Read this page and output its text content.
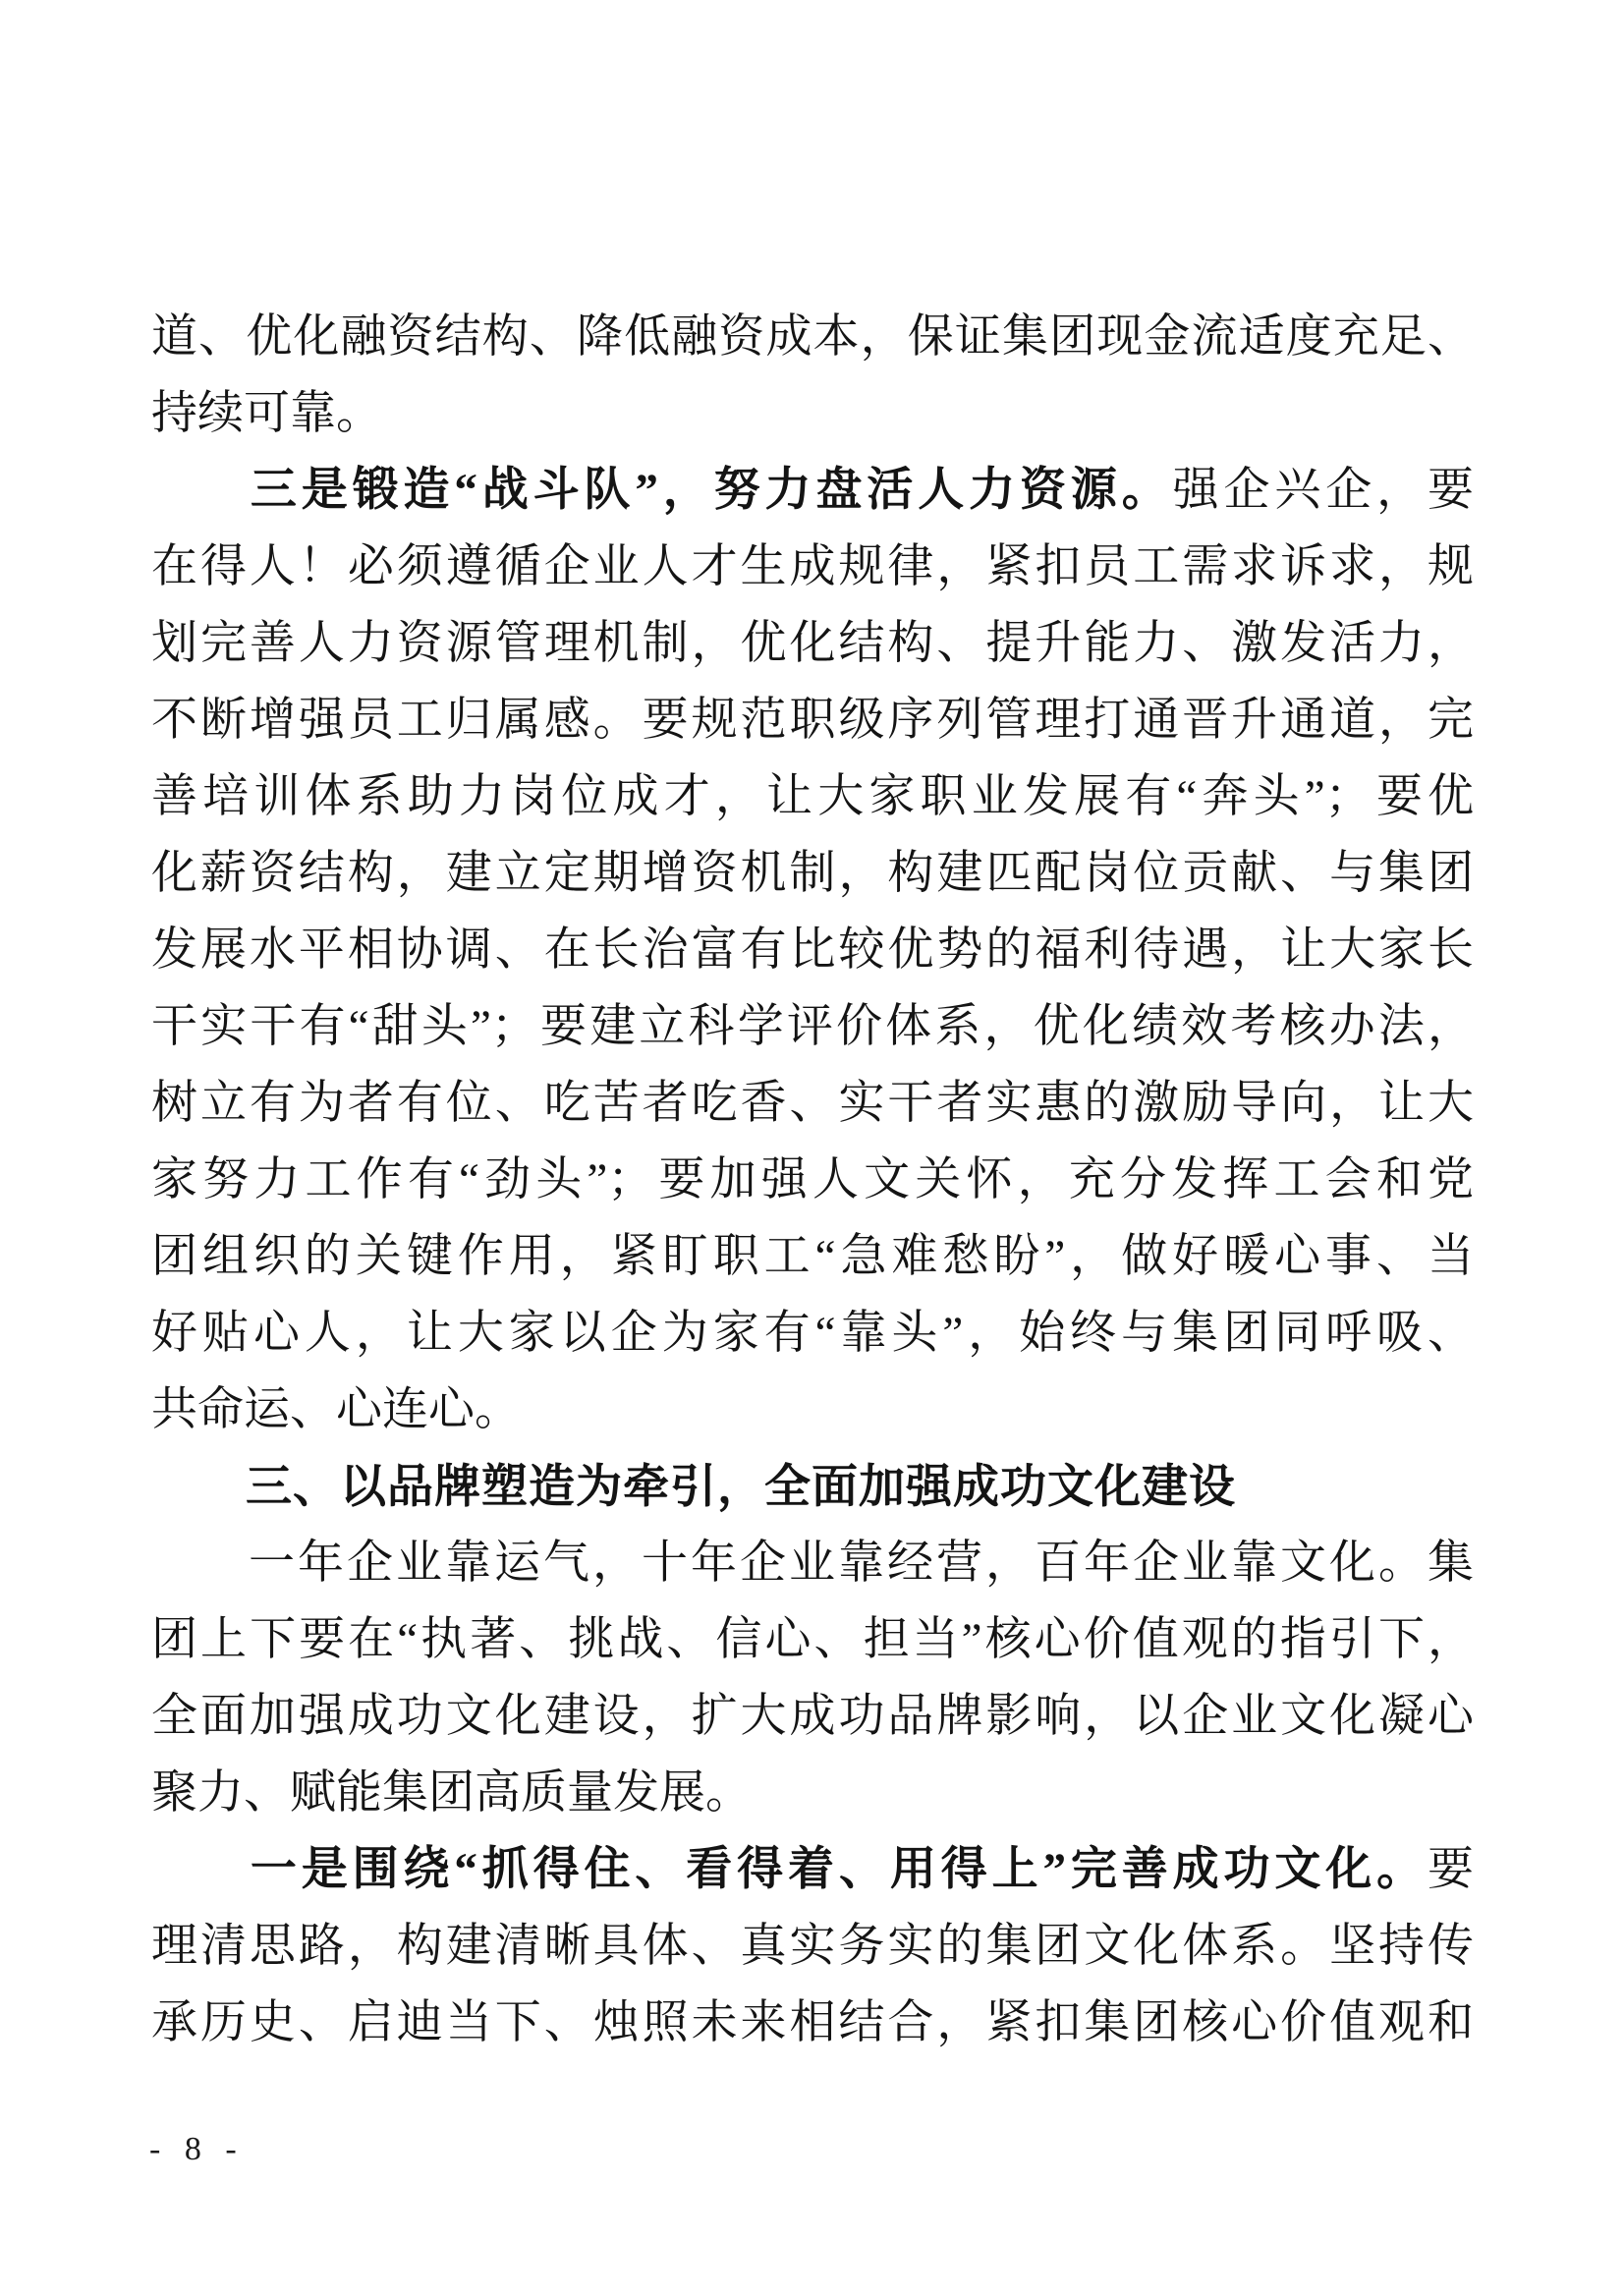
道、优化融资结构、降低融资成本，保证集团现金流适度充足、
持续可靠。
三是锻造“战斗队”，努力盘活人力资源。强企兴企，要
在得人！必须遵循企业人才生成规律，紧扣员工需求诉求，规
划完善人力资源管理机制，优化结构、提升能力、激发活力，
不断增强员工归属感。要规范职级序列管理打通晋升通道，完
善培训体系助力岗位成才，让大家职业发展有“奔头”；要优
化薪资结构，建立定期增资机制，构建匹配岗位贡献、与集团
发展水平相协调、在长治富有比较优势的福利待遇，让大家长
干实干有“甜头”；要建立科学评价体系，优化绩效考核办法，
树立有为者有位、吃苦者吃香、实干者实惠的激励导向，让大
家努力工作有“劲头”；要加强人文关怀，充分发挥工会和党
团组织的关键作用，紧盯职工“急难愁盼”，做好暖心事、当
好贴心人，让大家以企为家有“靠头”，始终与集团同呼吸、
共命运、心连心。
三、以品牌塑造为牵引，全面加强成功文化建设
一年企业靠运气，十年企业靠经营，百年企业靠文化。集
团上下要在“执著、挑战、信心、担当”核心价值观的指引下，
全面加强成功文化建设，扩大成功品牌影响，以企业文化凝心
聚力、赋能集团高质量发展。
一是围绕“抓得住、看得着、用得上”完善成功文化。要
理清思路，构建清晰具体、真实务实的集团文化体系。坚持传
承历史、启迪当下、烛照未来相结合，紧扣集团核心价值观和
- 8 -
